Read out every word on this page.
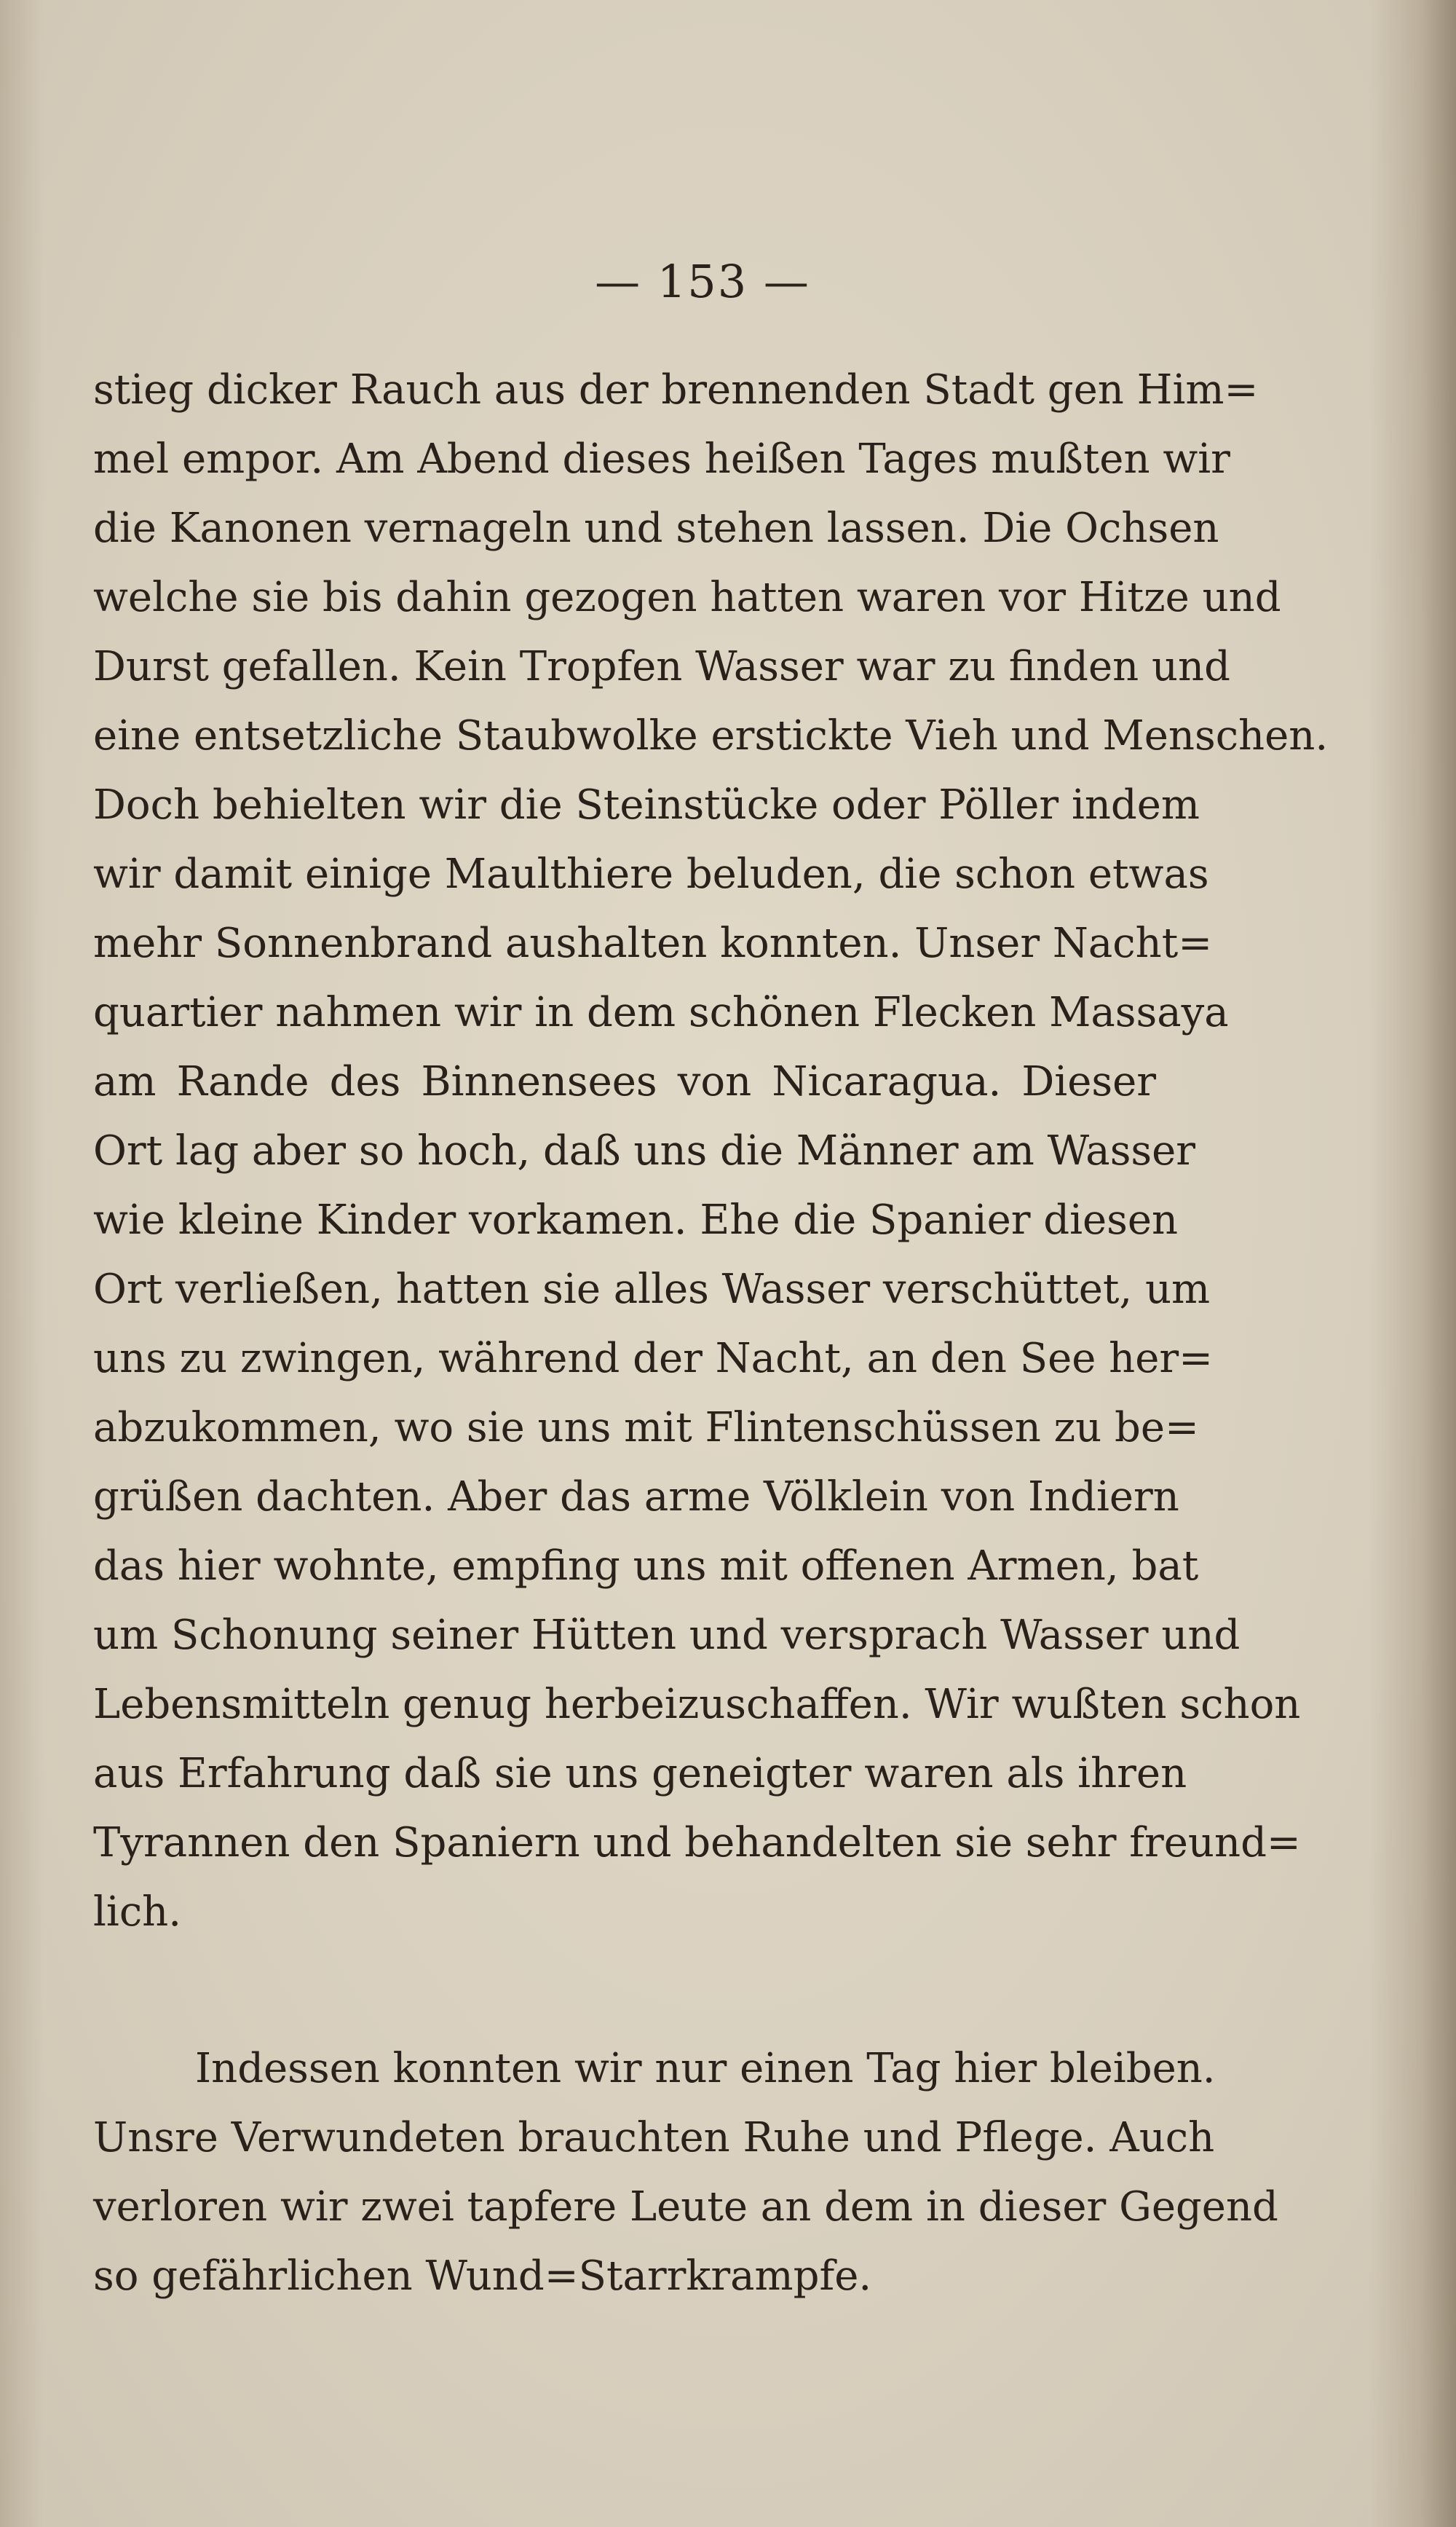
— 153 —
stieg dicker Rauch aus der brennenden Stadt gen Him=
mel empor. Am Abend dieses heißen Tages mußten wir
die Kanonen vernageln und stehen lassen. Die Ochsen
welche sie bis dahin gezogen hatten waren vor Hitze und
Durst gefallen. Kein Tropfen Wasser war zu finden und
eine entsetzliche Staubwolke erstickte Vieh und Menschen.
Doch behielten wir die Steinstücke oder Pöller indem
wir damit einige Maulthiere beluden, die schon etwas
mehr Sonnenbrand aushalten konnten. Unser Nacht=
quartier nahmen wir in dem schönen Flecken Massaya
am Rande des Binnensees von Nicaragua. Dieser
Ort lag aber so hoch, daß uns die Männer am Wasser
wie kleine Kinder vorkamen. Ehe die Spanier diesen
Ort verließen, hatten sie alles Wasser verschüttet, um
uns zu zwingen, während der Nacht, an den See her=
abzukommen, wo sie uns mit Flintenschüssen zu be=
grüßen dachten. Aber das arme Völklein von Indiern
das hier wohnte, empfing uns mit offenen Armen, bat
um Schonung seiner Hütten und versprach Wasser und
Lebensmitteln genug herbeizuschaffen. Wir wußten schon
aus Erfahrung daß sie uns geneigter waren als ihren
Tyrannen den Spaniern und behandelten sie sehr freund=
lich.
Indessen konnten wir nur einen Tag hier bleiben.
Unsre Verwundeten brauchten Ruhe und Pflege. Auch
verloren wir zwei tapfere Leute an dem in dieser Gegend
so gefährlichen Wund=Starrkrampfe.
